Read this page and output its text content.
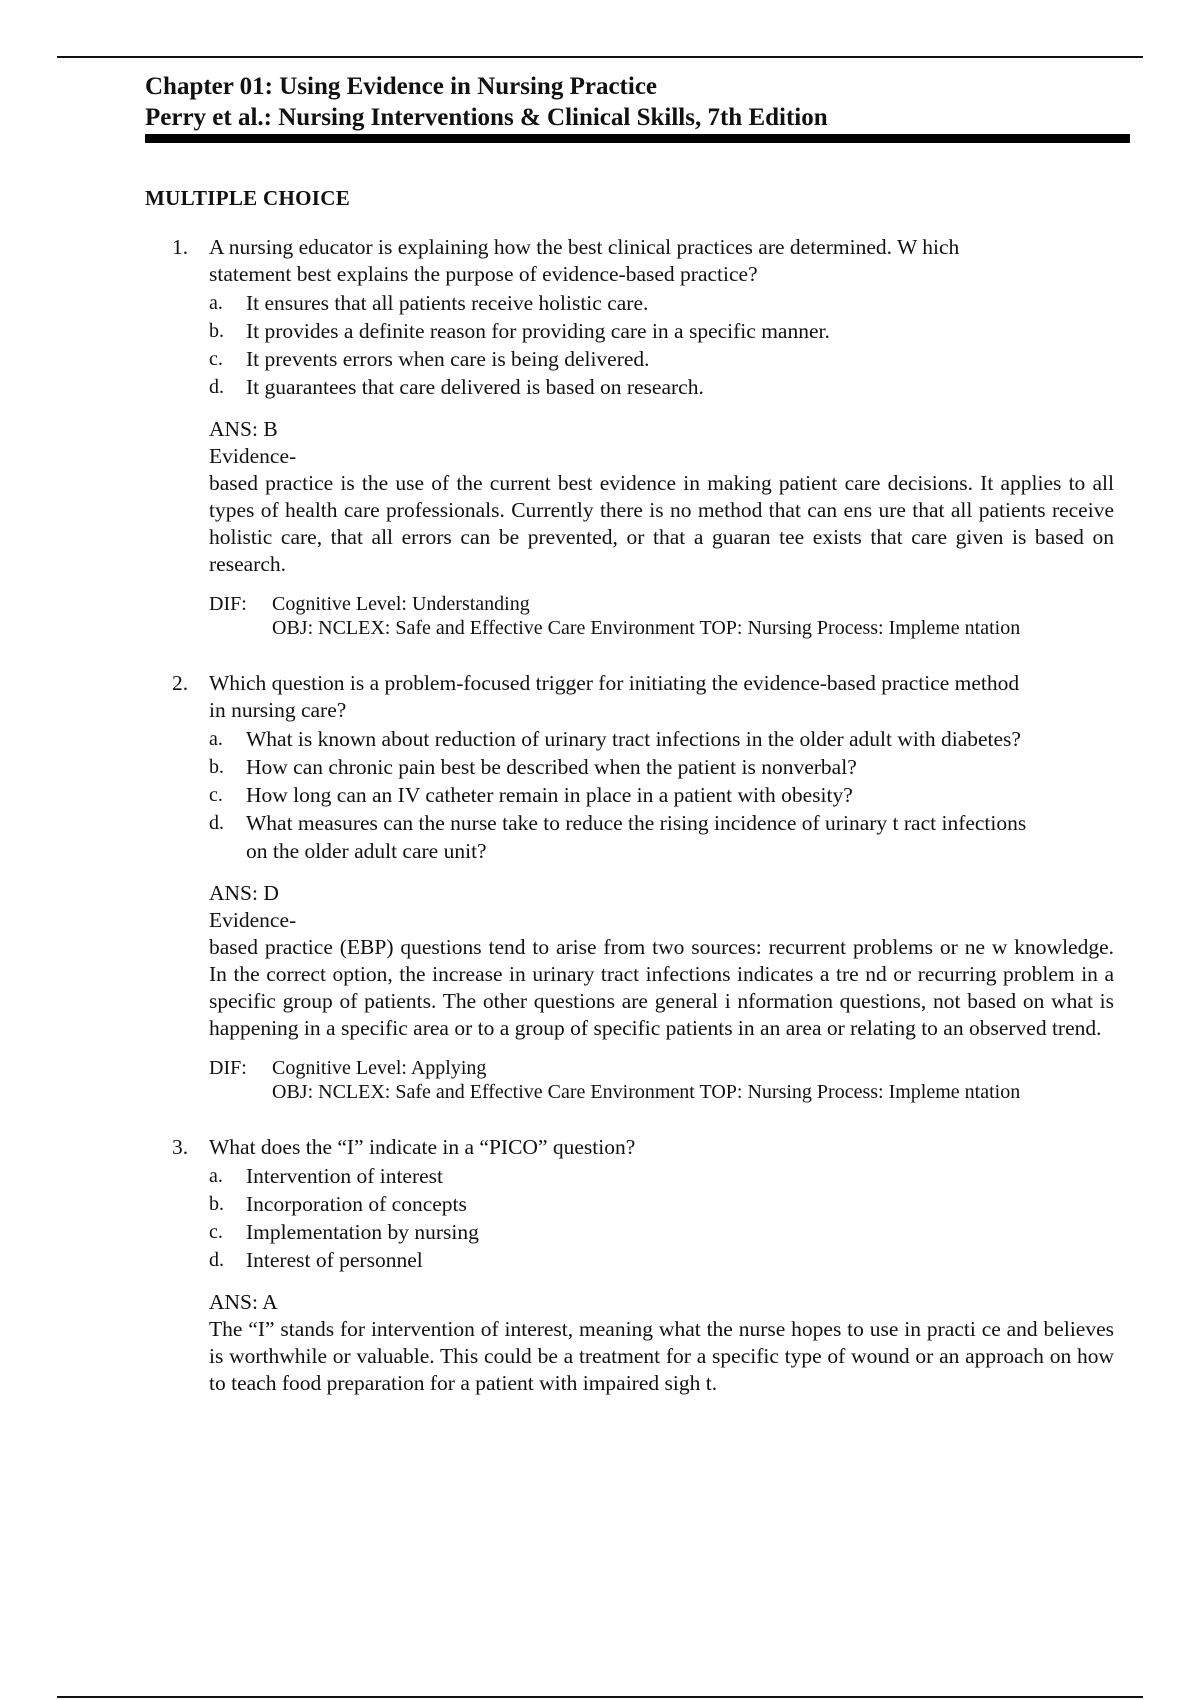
Chapter 01: Using Evidence in Nursing Practice
Perry et al.: Nursing Interventions & Clinical Skills, 7th Edition
MULTIPLE CHOICE
1. A nursing educator is explaining how the best clinical practices are determined. W hich statement best explains the purpose of evidence-based practice?
a. It ensures that all patients receive holistic care.
b. It provides a definite reason for providing care in a specific manner.
c. It prevents errors when care is being delivered.
d. It guarantees that care delivered is based on research.
ANS: B
Evidence-
based practice is the use of the current best evidence in making patient care decisions. It applies to all types of health care professionals. Currently there is no method that can ens ure that all patients receive holistic care, that all errors can be prevented, or that a guaran tee exists that care given is based on research.
DIF: Cognitive Level: Understanding
OBJ: NCLEX: Safe and Effective Care Environment TOP: Nursing Process: Impleme ntation
2. Which question is a problem-focused trigger for initiating the evidence-based practice method in nursing care?
a. What is known about reduction of urinary tract infections in the older adult with diabetes?
b. How can chronic pain best be described when the patient is nonverbal?
c. How long can an IV catheter remain in place in a patient with obesity?
d. What measures can the nurse take to reduce the rising incidence of urinary t ract infections on the older adult care unit?
ANS: D
Evidence-
based practice (EBP) questions tend to arise from two sources: recurrent problems or ne w knowledge. In the correct option, the increase in urinary tract infections indicates a tre nd or recurring problem in a specific group of patients. The other questions are general i nformation questions, not based on what is happening in a specific area or to a group of specific patients in an area or relating to an observed trend.
DIF: Cognitive Level: Applying
OBJ: NCLEX: Safe and Effective Care Environment TOP: Nursing Process: Impleme ntation
3. What does the “I” indicate in a “PICO” question?
a. Intervention of interest
b. Incorporation of concepts
c. Implementation by nursing
d. Interest of personnel
ANS: A
The “I” stands for intervention of interest, meaning what the nurse hopes to use in practi ce and believes is worthwhile or valuable. This could be a treatment for a specific type of wound or an approach on how to teach food preparation for a patient with impaired sigh t.
